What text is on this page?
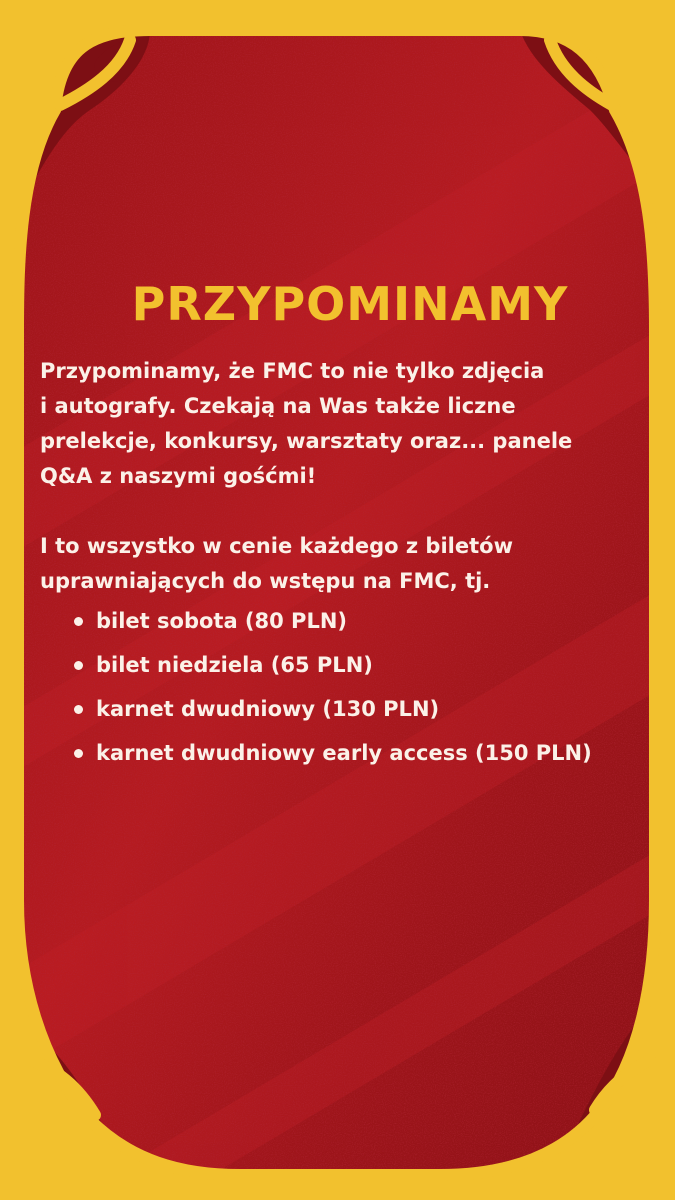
PRZYPOMINAMY

Przypominamy, że FMC to nie tylko zdjęcia
i autografy. Czekają na Was także liczne
prelekcje, konkursy, warsztaty oraz... panele
Q&A z naszymi gośćmi!

I to wszystko w cenie każdego z biletów
uprawniających do wstępu na FMC, tj.

bilet sobota (80 PLN)
bilet niedziela (65 PLN)
karnet dwudniowy (130 PLN)
karnet dwudniowy early access (150 PLN)
